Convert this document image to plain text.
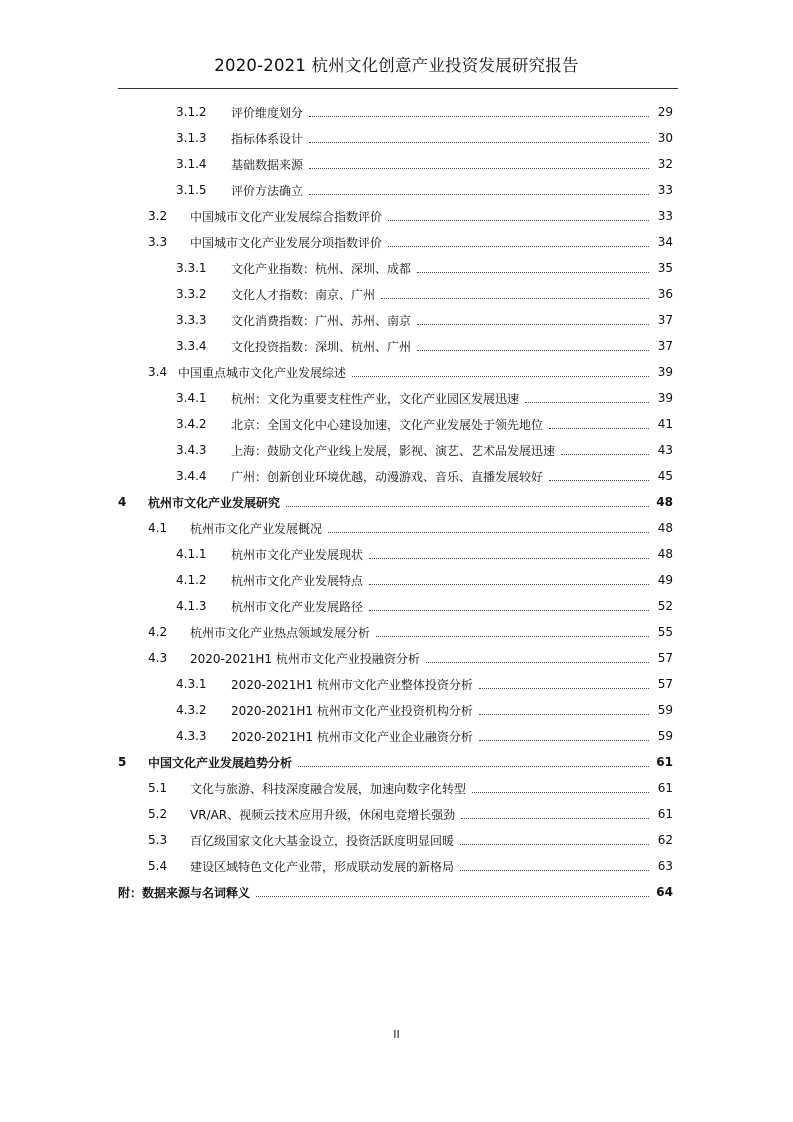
2020-2021 杭州文化创意产业投资发展研究报告
3.1.2	评价维度划分	29
3.1.3	指标体系设计	30
3.1.4	基础数据来源	32
3.1.5	评价方法确立	33
3.2	中国城市文化产业发展综合指数评价	33
3.3	中国城市文化产业发展分项指数评价	34
3.3.1	文化产业指数：杭州、深圳、成都	35
3.3.2	文化人才指数：南京、广州	36
3.3.3	文化消费指数：广州、苏州、南京	37
3.3.4	文化投资指数：深圳、杭州、广州	37
3.4 中国重点城市文化产业发展综述	39
3.4.1	杭州：文化为重要支柱性产业，文化产业园区发展迅速	39
3.4.2	北京：全国文化中心建设加速，文化产业发展处于领先地位	41
3.4.3	上海：鼓励文化产业线上发展，影视、演艺、艺术品发展迅速	43
3.4.4	广州：创新创业环境优越，动漫游戏、音乐、直播发展较好	45
4	杭州市文化产业发展研究	48
4.1	杭州市文化产业发展概况	48
4.1.1	杭州市文化产业发展现状	48
4.1.2	杭州市文化产业发展特点	49
4.1.3	杭州市文化产业发展路径	52
4.2	杭州市文化产业热点领域发展分析	55
4.3	2020-2021H1 杭州市文化产业投融资分析	57
4.3.1	2020-2021H1 杭州市文化产业整体投资分析	57
4.3.2	2020-2021H1 杭州市文化产业投资机构分析	59
4.3.3	2020-2021H1 杭州市文化产业企业融资分析	59
5	中国文化产业发展趋势分析	61
5.1	文化与旅游、科技深度融合发展，加速向数字化转型	61
5.2	VR/AR、视频云技术应用升级，休闲电竞增长强劲	61
5.3	百亿级国家文化大基金设立，投资活跃度明显回暖	62
5.4	建设区域特色文化产业带，形成联动发展的新格局	63
附：数据来源与名词释义	64
II
